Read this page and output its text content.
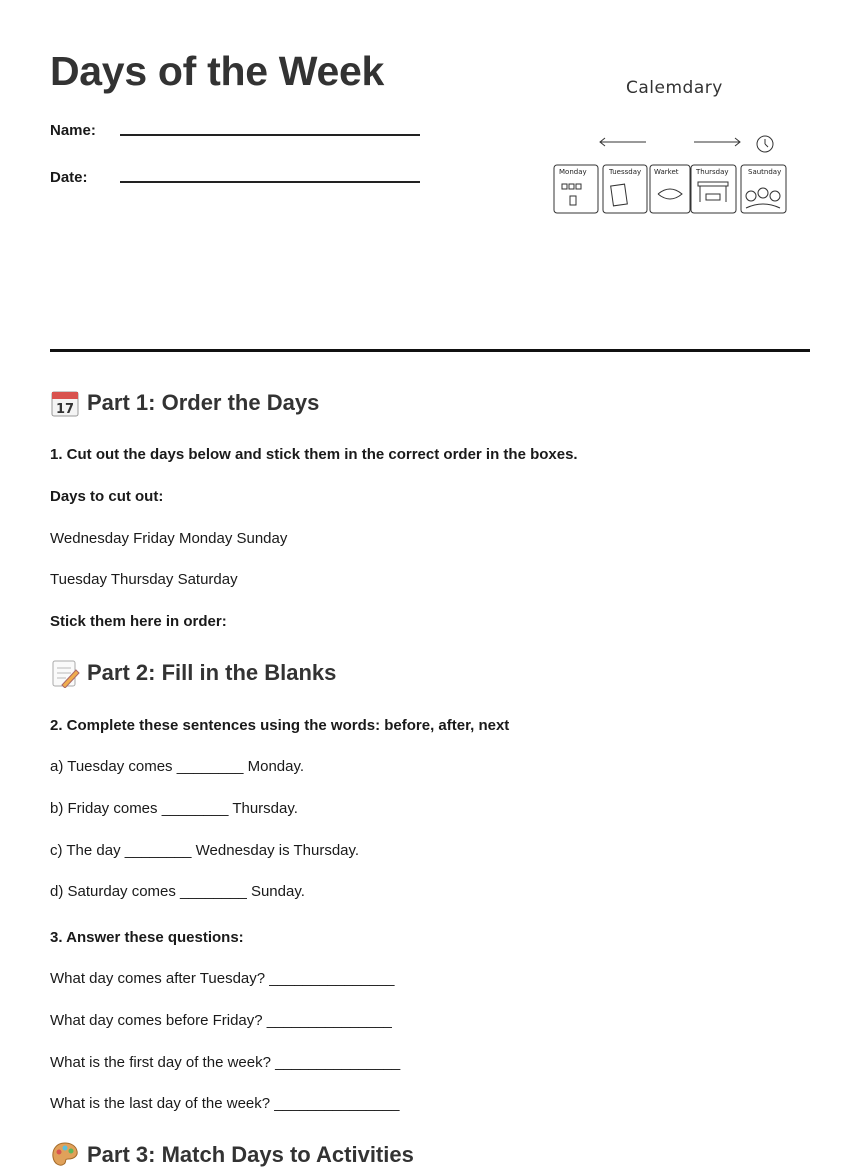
Days of the Week
Name:
Date:
Calemdary
Monday	Tuessday Warket	Thursday	Sautnday
17 Part 1: Order the Days

1. Cut out the days below and stick them in the correct order in the boxes.

Days to cut out:

Wednesday Friday Monday Sunday

Tuesday Thursday Saturday

Stick them here in order:

Part 2: Fill in the Blanks

2. Complete these sentences using the words: before, after, next

a) Tuesday comes ________ Monday.

b) Friday comes ________ Thursday.

c) The day ________ Wednesday is Thursday.

d) Saturday comes ________ Sunday.

3. Answer these questions:

What day comes after Tuesday? _______________

What day comes before Friday? _______________

What is the first day of the week? _______________

What is the last day of the week? _______________

Part 3: Match Days to Activities
